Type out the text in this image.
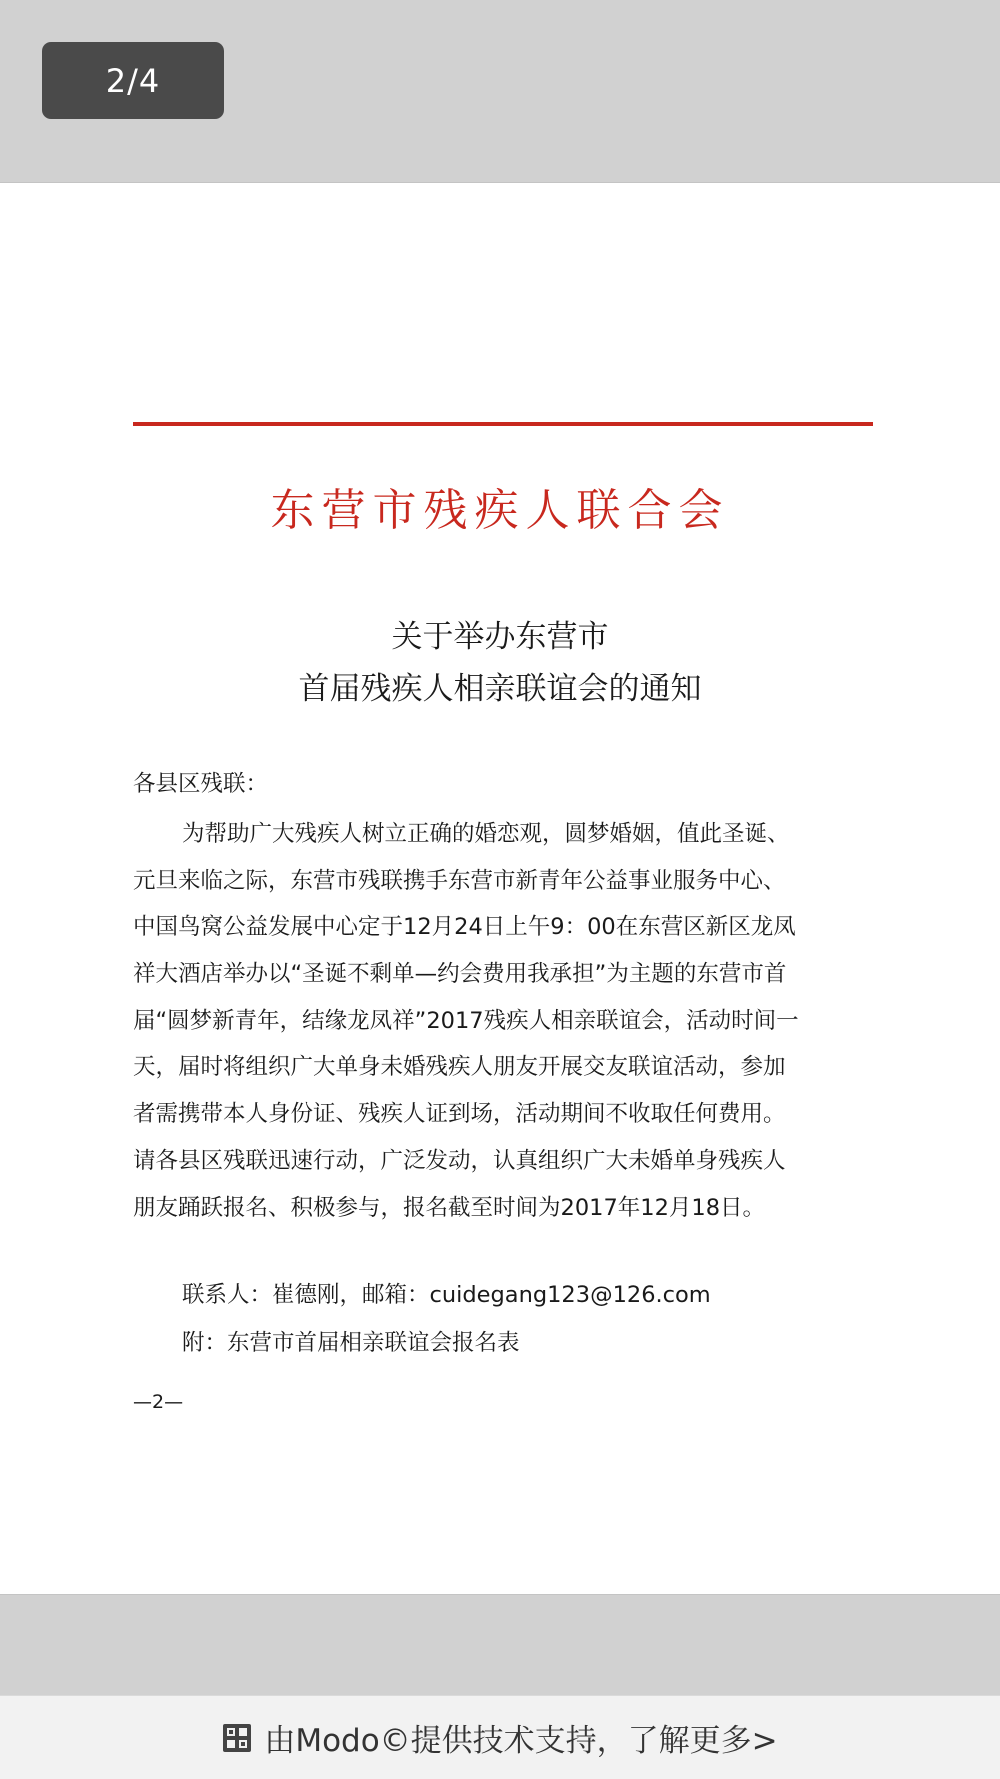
2/4
东营市残疾人联合会
关于举办东营市
首届残疾人相亲联谊会的通知
各县区残联：
为帮助广大残疾人树立正确的婚恋观，圆梦婚姻，值此圣诞、
元旦来临之际，东营市残联携手东营市新青年公益事业服务中心、
中国鸟窝公益发展中心定于12月24日上午9：00在东营区新区龙凤
祥大酒店举办以“圣诞不剩单—约会费用我承担”为主题的东营市首
届“圆梦新青年，结缘龙凤祥”2017残疾人相亲联谊会，活动时间一
天，届时将组织广大单身未婚残疾人朋友开展交友联谊活动，参加
者需携带本人身份证、残疾人证到场，活动期间不收取任何费用。
请各县区残联迅速行动，广泛发动，认真组织广大未婚单身残疾人
朋友踊跃报名、积极参与，报名截至时间为2017年12月18日。
联系人：崔德刚，邮箱：cuidegang123@126.com
附：东营市首届相亲联谊会报名表
—2—
由Modo©提供技术支持，了解更多>
